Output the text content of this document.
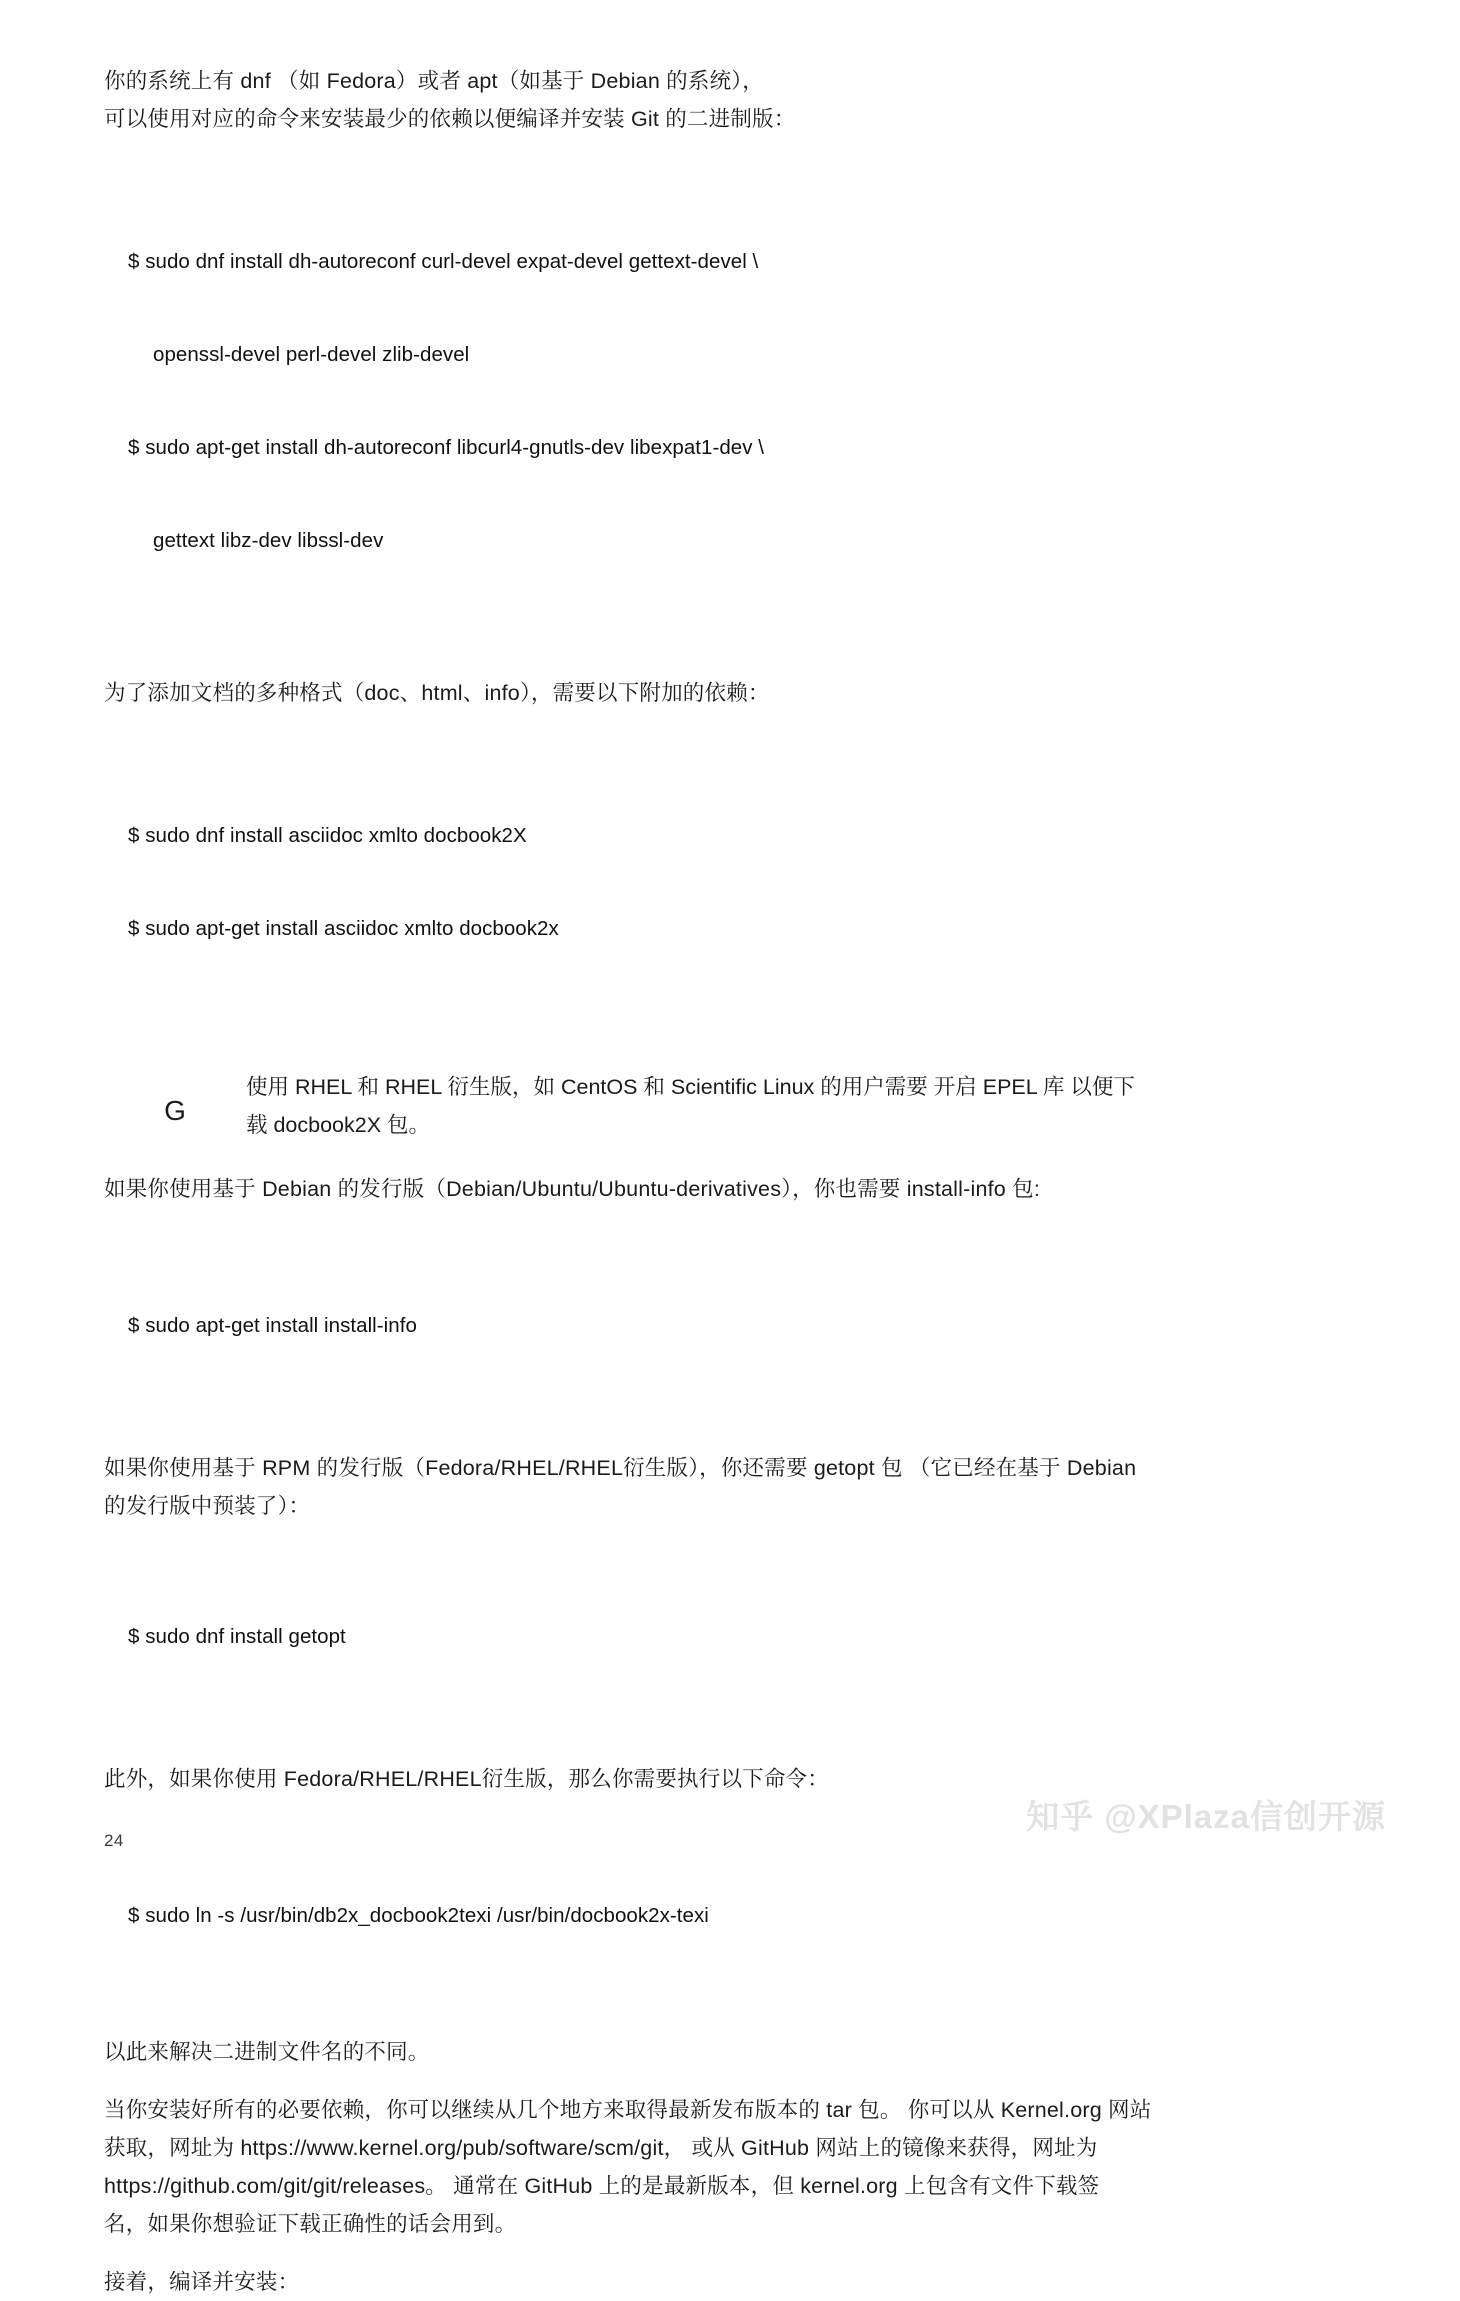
你的系统上有 dnf （如 Fedora）或者 apt（如基于 Debian 的系统），
可以使用对应的命令来安装最少的依赖以便编译并安装 Git 的二进制版：

$ sudo dnf install dh-autoreconf curl-devel expat-devel gettext-devel \

openssl-devel perl-devel zlib-devel

$ sudo apt-get install dh-autoreconf libcurl4-gnutls-dev libexpat1-dev \

gettext libz-dev libssl-dev

为了添加文档的多种格式（doc、html、info），需要以下附加的依赖：

$ sudo dnf install asciidoc xmlto docbook2X

$ sudo apt-get install asciidoc xmlto docbook2x

G
使用 RHEL 和 RHEL 衍生版，如 CentOS 和 Scientific Linux 的用户需要 开启 EPEL 库 以便下
载 docbook2X 包。
如果你使用基于 Debian 的发行版（Debian/Ubuntu/Ubuntu-derivatives），你也需要 install-info 包:

$ sudo apt-get install install-info

如果你使用基于 RPM 的发行版（Fedora/RHEL/RHEL衍生版），你还需要 getopt 包 （它已经在基于 Debian
的发行版中预装了）：

$ sudo dnf install getopt

此外，如果你使用 Fedora/RHEL/RHEL衍生版，那么你需要执行以下命令：

$ sudo ln -s /usr/bin/db2x_docbook2texi /usr/bin/docbook2x-texi

以此来解决二进制文件名的不同。
当你安装好所有的必要依赖，你可以继续从几个地方来取得最新发布版本的 tar 包。 你可以从 Kernel.org 网站
获取，网址为 https://www.kernel.org/pub/software/scm/git， 或从 GitHub 网站上的镜像来获得，网址为
https://github.com/git/git/releases。 通常在 GitHub 上的是最新版本，但 kernel.org 上包含有文件下载签
名，如果你想验证下载正确性的话会用到。
接着，编译并安装：
24
知乎 @XPlaza信创开源
